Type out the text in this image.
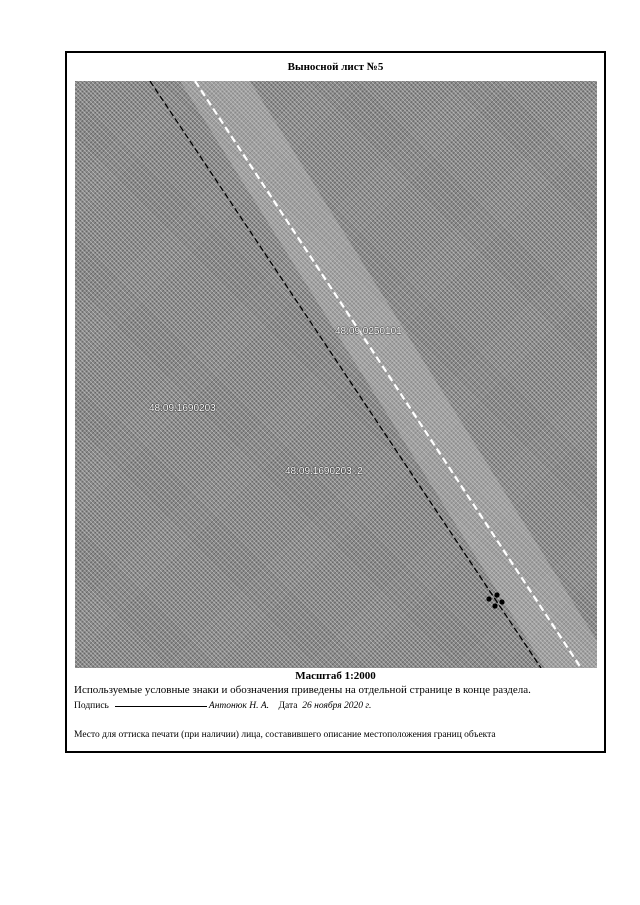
Выносной лист №5
48:09:0250101
48:09:1690203
48:09:1690203 :2
Масштаб 1:2000
Используемые условные знаки и обозначения приведены на отдельной странице в конце раздела.
Подпись	Антонюк Н. А. Дата 26 ноября 2020 г.
Место для оттиска печати (при наличии) лица, составившего описание местоположения границ объекта
